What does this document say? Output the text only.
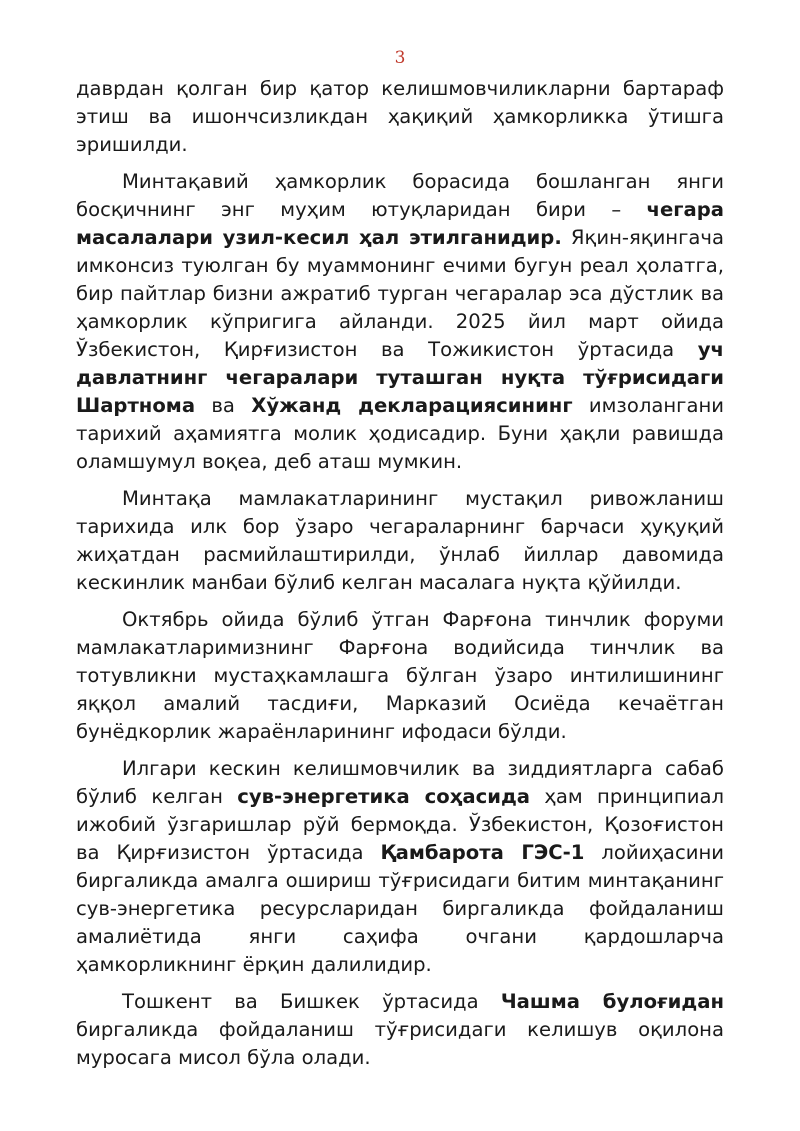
3

даврдан қолган бир қатор келишмовчиликларни бартараф этиш ва ишончсизликдан ҳақиқий ҳамкорликка ўтишга эришилди.

Минтақавий ҳамкорлик борасида бошланган янги босқичнинг энг муҳим ютуқларидан бири – чегара масалалари узил-кесил ҳал этилганидир. Яқин-яқингача имконсиз туюлган бу муаммонинг ечими бугун реал ҳолатга, бир пайтлар бизни ажратиб турган чегаралар эса дўстлик ва ҳамкорлик кўпригига айланди. 2025 йил март ойида Ўзбекистон, Қирғизистон ва Тожикистон ўртасида уч давлатнинг чегаралари туташган нуқта тўғрисидаги Шартнома ва Хўжанд декларациясининг имзолангани тарихий аҳамиятга молик ҳодисадир. Буни ҳақли равишда оламшумул воқеа, деб аташ мумкин.

Минтақа мамлакатларининг мустақил ривожланиш тарихида илк бор ўзаро чегараларнинг барчаси ҳуқуқий жиҳатдан расмийлаштирилди, ўнлаб йиллар давомида кескинлик манбаи бўлиб келган масалага нуқта қўйилди.

Октябрь ойида бўлиб ўтган Фарғона тинчлик форуми мамлакатларимизнинг Фарғона водийсида тинчлик ва тотувликни мустаҳкамлашга бўлган ўзаро интилишининг яққол амалий тасдиғи, Марказий Осиёда кечаётган бунёдкорлик жараёнларининг ифодаси бўлди.

Илгари кескин келишмовчилик ва зиддиятларга сабаб бўлиб келган сув-энергетика соҳасида ҳам принципиал ижобий ўзгаришлар рўй бермоқда. Ўзбекистон, Қозоғистон ва Қирғизистон ўртасида Қамбарота ГЭС-1 лойиҳасини биргаликда амалга ошириш тўғрисидаги битим минтақанинг сув-энергетика ресурсларидан биргаликда фойдаланиш амалиётида янги саҳифа очгани қардошларча ҳамкорликнинг ёрқин далилидир.

Тошкент ва Бишкек ўртасида Чашма булоғидан биргаликда фойдаланиш тўғрисидаги келишув оқилона муросага мисол бўла олади.
